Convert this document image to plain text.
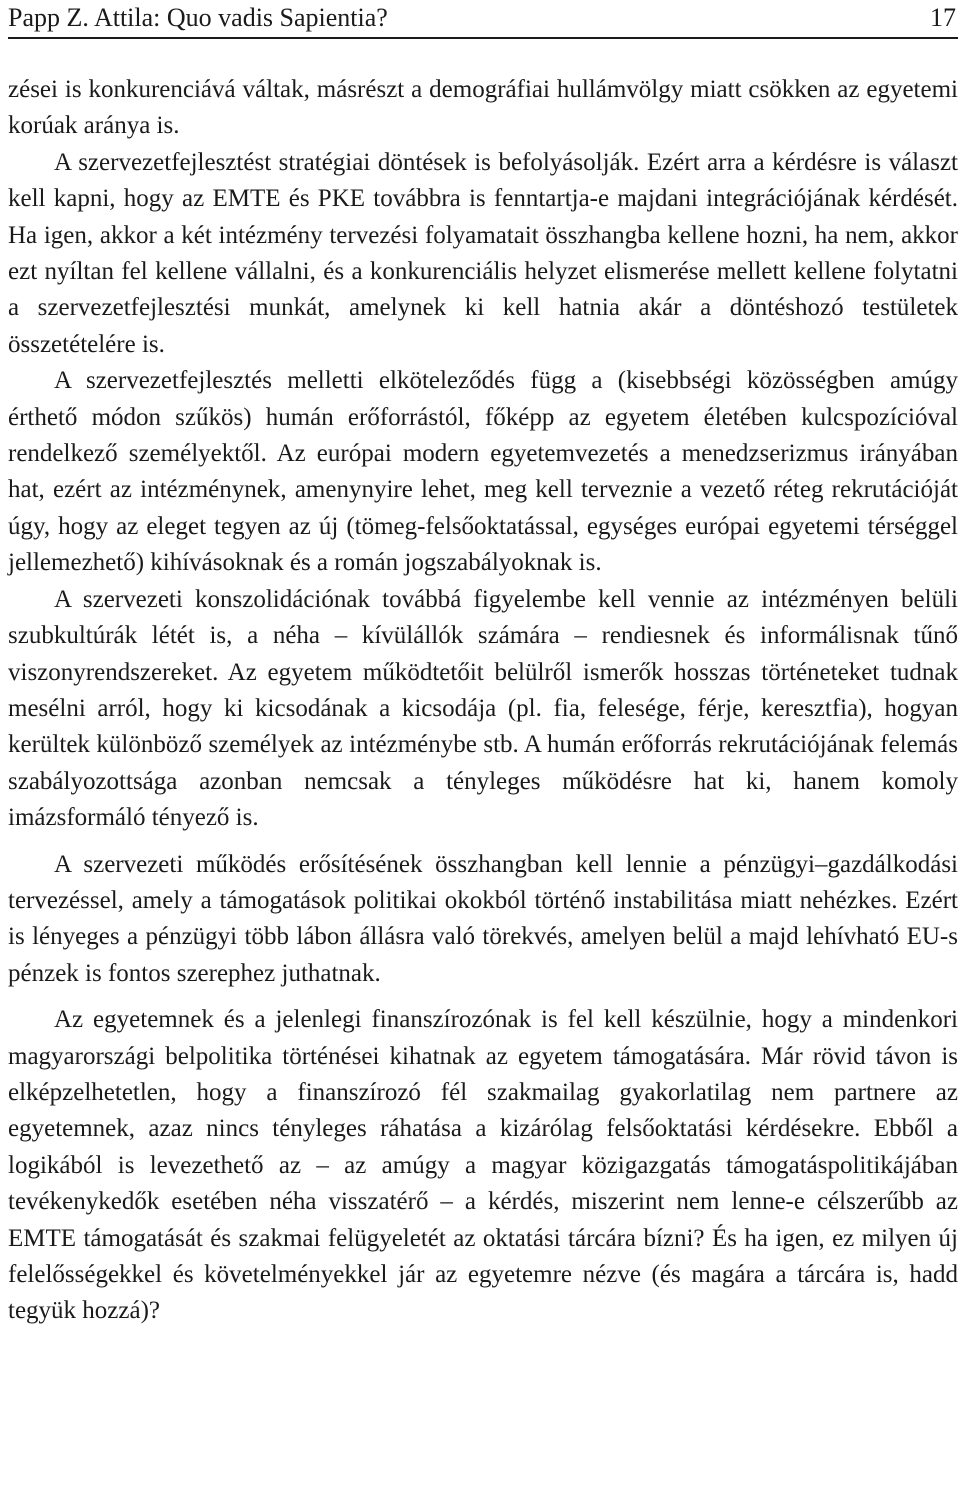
Papp Z. Attila: Quo vadis Sapientia?	17

zései is konkurenciává váltak, másrészt a demográfiai hullámvölgy miatt csökken az egyetemi korúak aránya is.

A szervezetfejlesztést stratégiai döntések is befolyásolják. Ezért arra a kérdésre is választ kell kapni, hogy az EMTE és PKE továbbra is fenntartja-e majdani integrációjának kérdését. Ha igen, akkor a két intézmény tervezési folyamatait összhangba kellene hozni, ha nem, akkor ezt nyíltan fel kellene vállalni, és a konkurenciális helyzet elismerése mellett kellene folytatni a szervezetfejlesztési munkát, amelynek ki kell hatnia akár a döntéshozó testületek összetételére is.

A szervezetfejlesztés melletti elköteleződés függ a (kisebbségi közösségben amúgy érthető módon szűkös) humán erőforrástól, főképp az egyetem életében kulcspozícióval rendelkező személyektől. Az európai modern egyetemvezetés a menedzserizmus irányában hat, ezért az intézménynek, amenynyire lehet, meg kell terveznie a vezető réteg rekrutációját úgy, hogy az eleget tegyen az új (tömeg-felsőoktatással, egységes európai egyetemi térséggel jellemezhető) kihívásoknak és a román jogszabályoknak is.

A szervezeti konszolidációnak továbbá figyelembe kell vennie az intézményen belüli szubkultúrák létét is, a néha – kívülállók számára – rendiesnek és informálisnak tűnő viszonyrendszereket. Az egyetem működtetőit belülről ismerők hosszas történeteket tudnak mesélni arról, hogy ki kicsodának a kicsodája (pl. fia, felesége, férje, keresztfia), hogyan kerültek különböző személyek az intézménybe stb. A humán erőforrás rekrutációjának felemás szabályozottsága azonban nemcsak a tényleges működésre hat ki, hanem komoly imázsformáló tényező is.

A szervezeti működés erősítésének összhangban kell lennie a pénzügyi–gazdálkodási tervezéssel, amely a támogatások politikai okokból történő instabilitása miatt nehézkes. Ezért is lényeges a pénzügyi több lábon állásra való törekvés, amelyen belül a majd lehívható EU-s pénzek is fontos szerephez juthatnak.

Az egyetemnek és a jelenlegi finanszírozónak is fel kell készülnie, hogy a mindenkori magyarországi belpolitika történései kihatnak az egyetem támogatására. Már rövid távon is elképzelhetetlen, hogy a finanszírozó fél szakmailag gyakorlatilag nem partnere az egyetemnek, azaz nincs tényleges ráhatása a kizárólag felsőoktatási kérdésekre. Ebből a logikából is levezethető az – az amúgy a magyar közigazgatás támogatáspolitikájában tevékenykedők esetében néha visszatérő – a kérdés, miszerint nem lenne-e célszerűbb az EMTE támogatását és szakmai felügyeletét az oktatási tárcára bízni? És ha igen, ez milyen új felelősségekkel és követelményekkel jár az egyetemre nézve (és magára a tárcára is, hadd tegyük hozzá)?
